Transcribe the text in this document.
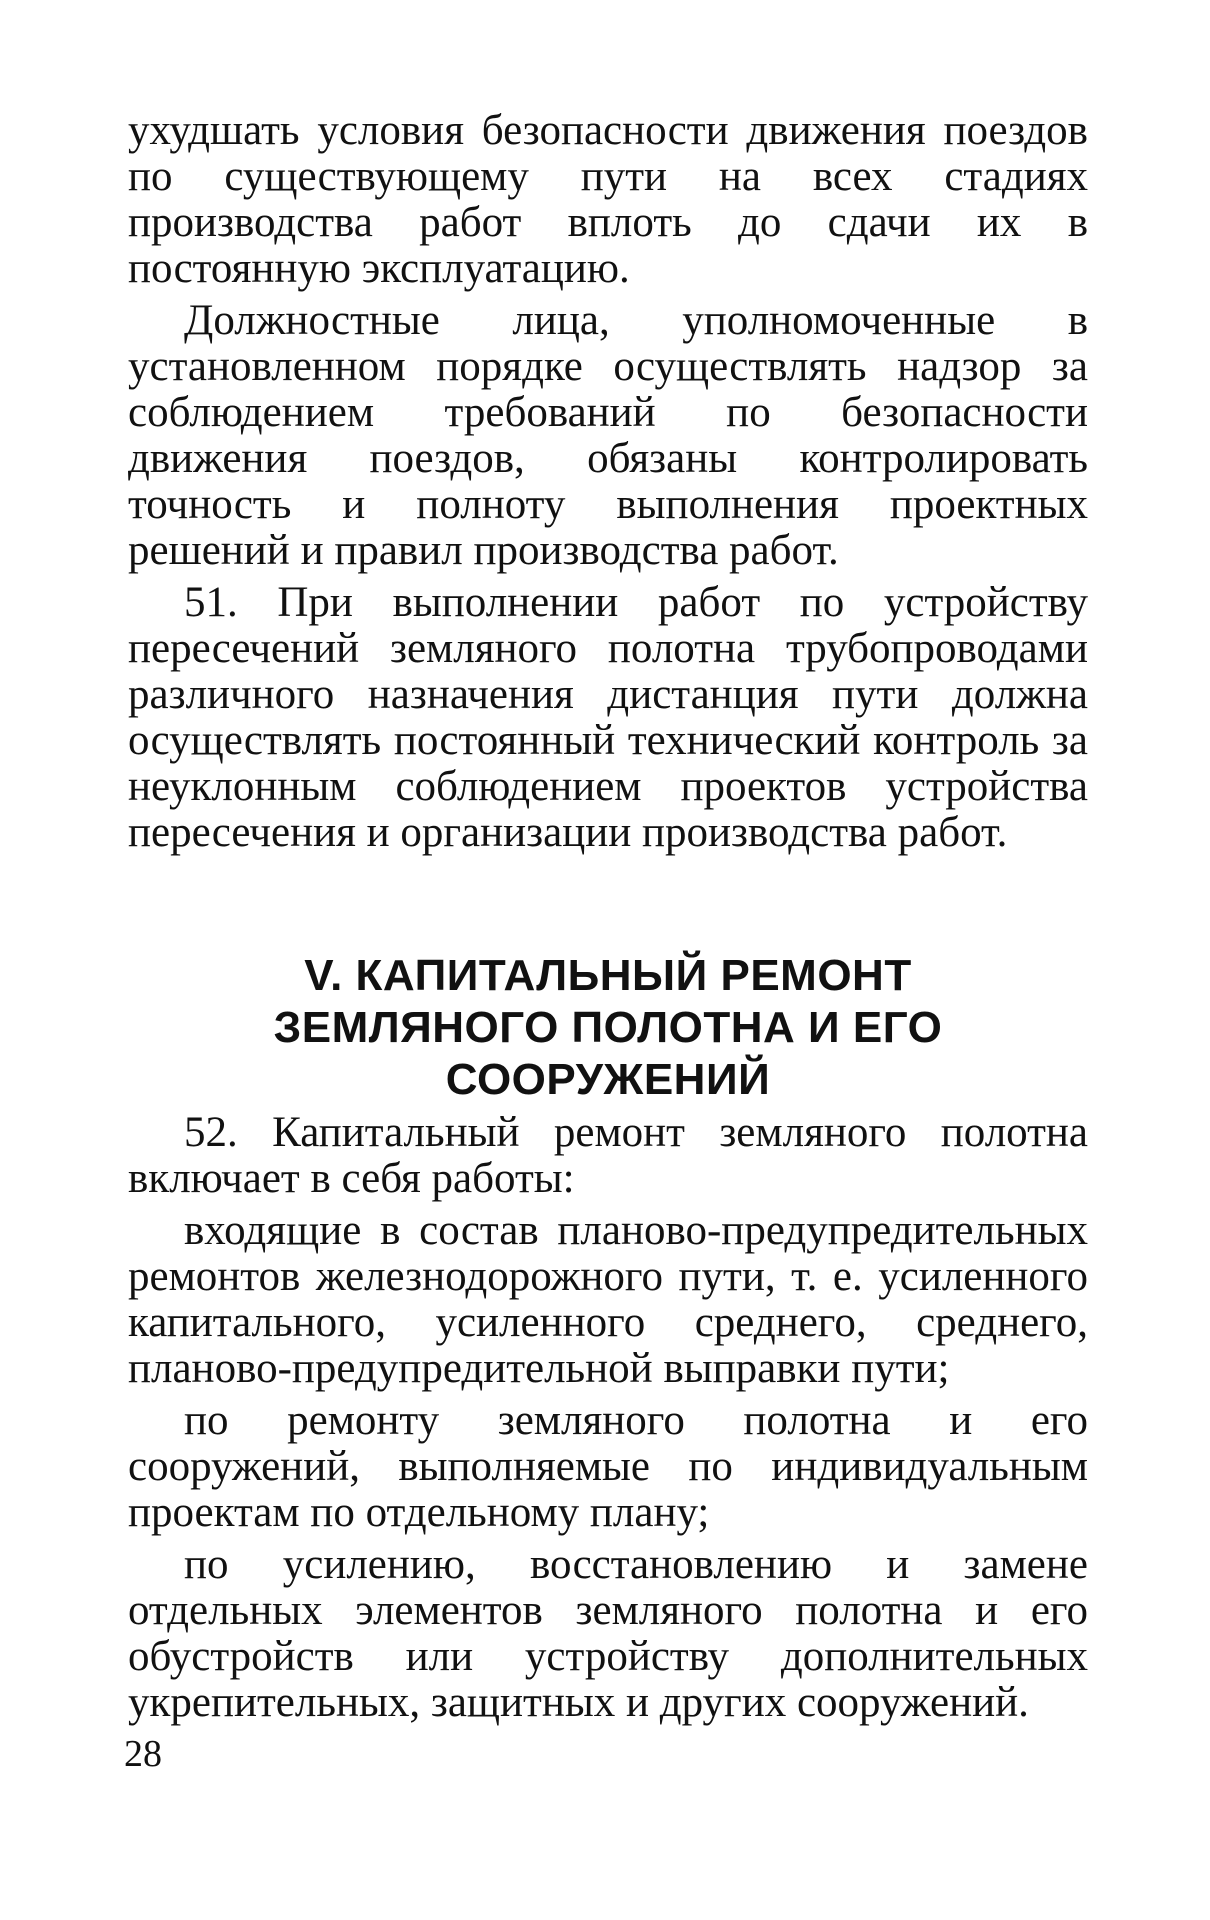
ухудшать условия безопасности движения поездов по существующему пути на всех стадиях производства работ вплоть до сдачи их в постоянную эксплуатацию.

Должностные лица, уполномоченные в установленном порядке осуществлять надзор за соблюдением требований по безопасности движения поездов, обязаны контролировать точность и полноту выполнения проектных решений и правил производства работ.

51. При выполнении работ по устройству пересечений земляного полотна трубопроводами различного назначения дистанция пути должна осуществлять постоянный технический контроль за неуклонным соблюдением проектов устройства пересечения и организации производства работ.

V. КАПИТАЛЬНЫЙ РЕМОНТ
ЗЕМЛЯНОГО ПОЛОТНА И ЕГО СООРУЖЕНИЙ

52. Капитальный ремонт земляного полотна включает в себя работы:

входящие в состав планово-предупредительных ремонтов железнодорожного пути, т. е. усиленного капитального, усиленного среднего, среднего, планово-предупредительной выправки пути;

по ремонту земляного полотна и его сооружений, выполняемые по индивидуальным проектам по отдельному плану;

по усилению, восстановлению и замене отдельных элементов земляного полотна и его обустройств или устройству дополнительных укрепительных, защитных и других сооружений.

28
